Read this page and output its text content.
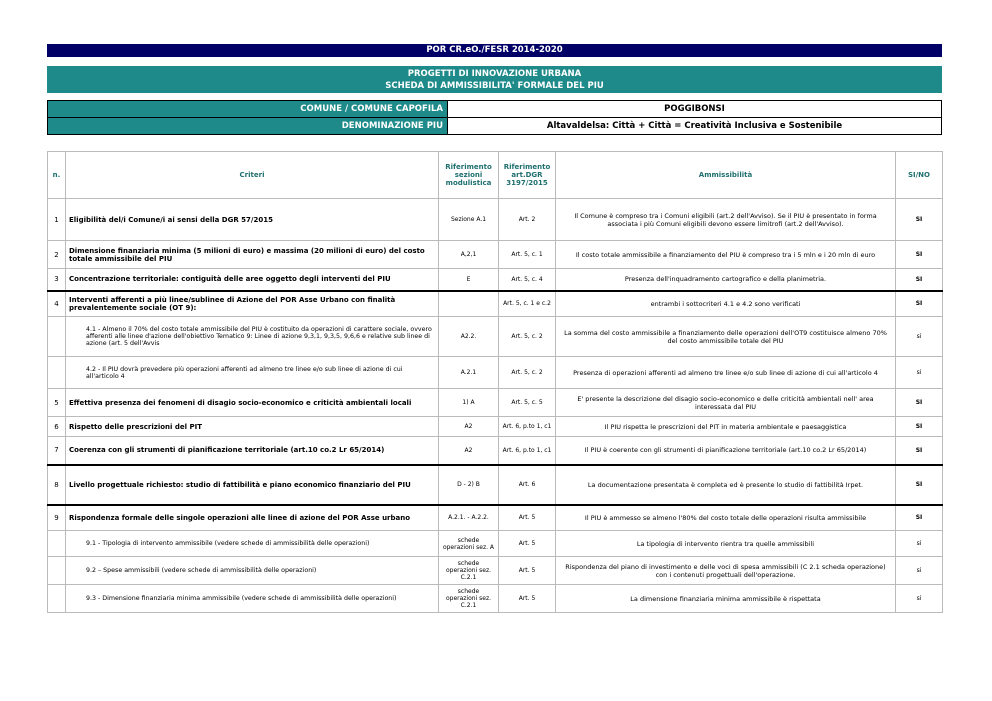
POR CR.eO./FESR 2014-2020
PROGETTI DI INNOVAZIONE URBANA
SCHEDA DI AMMISSIBILITA' FORMALE DEL PIU
COMUNE / COMUNE CAPOFILA	POGGIBONSI
DENOMINAZIONE PIU	Altavaldelsa: Città + Città = Creatività Inclusiva e Sostenibile
n.	Criteri	Riferimento sezioni modulistica	Riferimento art.DGR 3197/2015	Ammissibilità	SI/NO
1	Eligibilità del/i Comune/i ai sensi della DGR 57/2015	Sezione A.1	Art. 2	Il Comune è compreso tra i Comuni eligibili (art.2 dell'Avviso). Se il PIU è presentato in forma associata i più Comuni eligibili devono essere limitrofi (art.2 dell'Avviso).	SI
2	Dimensione finanziaria minima (5 milioni di euro) e massima (20 milioni di euro) del costo totale ammissibile del PIU	A,2,1	Art. 5, c. 1	Il costo totale ammissibile a finanziamento del PIU è compreso tra i 5 mln e i 20 mln di euro	SI
3	Concentrazione territoriale: contiguità delle aree oggetto degli interventi del PIU	E	Art. 5, c. 4	Presenza dell'inquadramento cartografico e della planimetria.	SI
4	Interventi afferenti a più linee/sublinee di Azione del POR Asse Urbano con finalità prevalentemente sociale (OT 9):		Art. 5, c. 1 e c.2	entrambi i sottocriteri 4.1 e 4.2 sono verificati	SI
	4.1 - Almeno il 70% del costo totale ammissibile del PIU è costituito da operazioni di carattere sociale, ovvero afferenti alle linee d'azione dell'obiettivo Tematico 9: Linee di azione 9,3,1, 9,3,5, 9,6,6 e relative sub linee di azione (art. 5 dell'Avvis	A2.2.	Art. 5, c. 2	La somma del costo ammissibile a finanziamento delle operazioni dell'OT9 costituisce almeno 70% del costo ammissibile totale del PIU	si
	4.2 - Il PIU dovrà prevedere più operazioni afferenti ad almeno tre linee e/o sub linee di azione di cui all'articolo 4	A.2.1	Art. 5, c. 2	Presenza di operazioni afferenti ad almeno tre linee e/o sub linee di azione di cui all'articolo 4	si
5	Effettiva presenza dei fenomeni di disagio socio-economico e criticità ambientali locali	1) A	Art. 5, c. 5	E' presente la descrizione del disagio socio-economico e delle criticità ambientali nell' area interessata dal PIU	SI
6	Rispetto delle prescrizioni del PIT	A2	Art. 6, p.to 1, c1	Il PIU rispetta le prescrizioni del PIT in materia ambientale e paesaggistica	SI
7	Coerenza con gli strumenti di pianificazione territoriale (art.10 co.2 Lr 65/2014)	A2	Art. 6, p.to 1, c1	Il PIU è coerente con gli strumenti di pianificazione territoriale (art.10 co.2 Lr 65/2014)	SI
8	Livello progettuale richiesto: studio di fattibilità e piano economico finanziario del PIU	D - 2) B	Art. 6	La documentazione presentata è completa ed è presente lo studio di fattibilità Irpet.	SI
9	Rispondenza formale delle singole operazioni alle linee di azione del POR Asse urbano	A.2.1. - A.2.2.	Art. 5	Il PIU è ammesso se almeno l'80% del costo totale delle operazioni risulta ammissibile	SI
	9.1 - Tipologia di intervento ammissibile (vedere schede di ammissibilità delle operazioni)	schede operazioni sez. A	Art. 5	La tipologia di intervento rientra tra quelle ammissibili	si
	9.2 – Spese ammissibili (vedere schede di ammissibilità delle operazioni)	schede operazioni sez. C.2.1	Art. 5	Rispondenza del piano di investimento e delle voci di spesa ammissibili (C 2.1 scheda operazione) con i contenuti progettuali dell'operazione.	si
	9.3 - Dimensione finanziaria minima ammissibile (vedere schede di ammissibilità delle operazioni)	schede operazioni sez. C.2.1	Art. 5	La dimensione finanziaria minima ammissibile è rispettata	si
